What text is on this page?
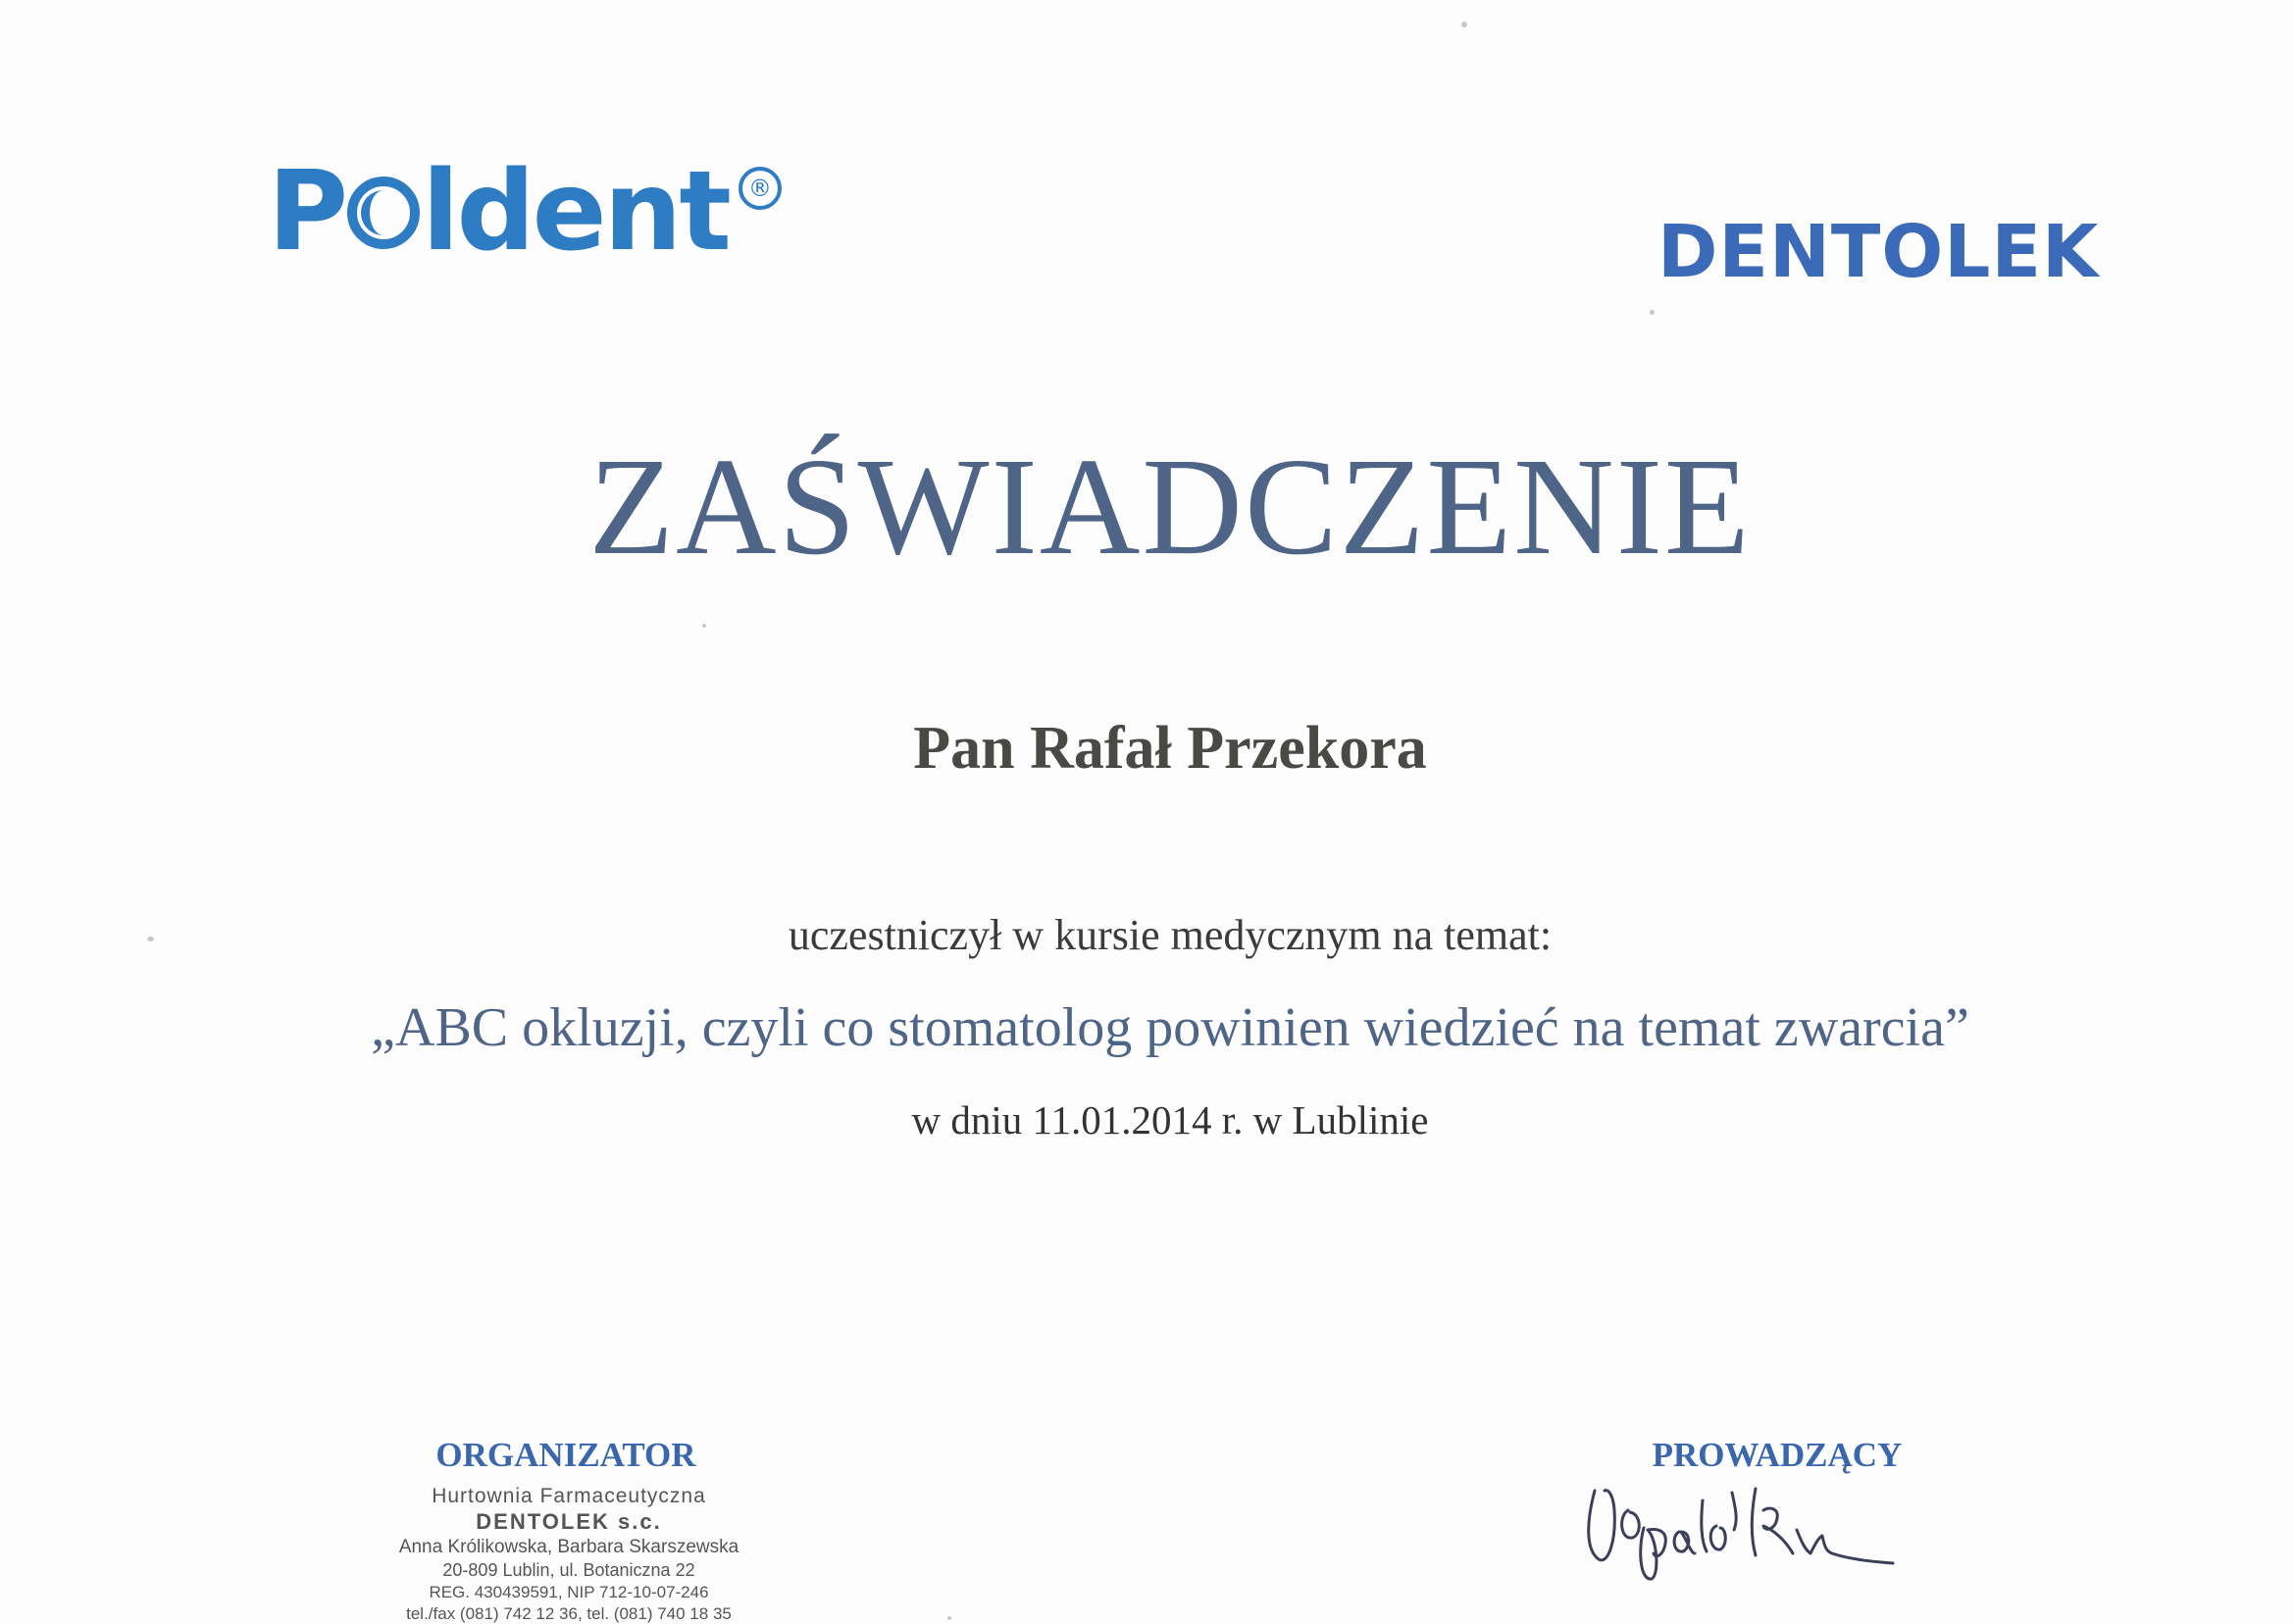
P ldent ®
DENTOLEK
ZAŚWIADCZENIE
Pan Rafał Przekora
uczestniczył w kursie medycznym na temat:
„ABC okluzji, czyli co stomatolog powinien wiedzieć na temat zwarcia”
w dniu 11.01.2014 r. w Lublinie
ORGANIZATOR	PROWADZĄCY
Hurtownia Farmaceutyczna
DENTOLEK s.c.
Anna Królikowska, Barbara Skarszewska
20-809 Lublin, ul. Botaniczna 22
REG. 430439591, NIP 712-10-07-246
tel./fax (081) 742 12 36, tel. (081) 740 18 35
